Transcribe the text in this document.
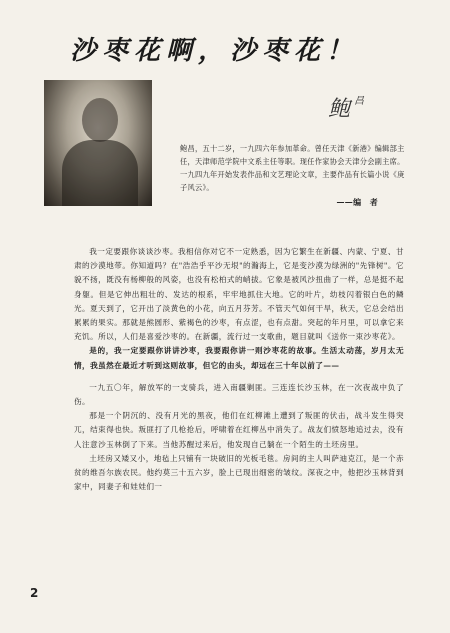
沙枣花啊，沙枣花！
鲍 $^昌$
鲍昌，五十二岁，一九四六年参加革命。曾任天津《新港》编辑部主任，天津师范学院中文系主任等职。现任作家协会天津分会副主席。一九四九年开始发表作品和文艺理论文章，主要作品有长篇小说《庚子风云》。
——编　者

我一定要跟你谈谈沙枣。我相信你对它不一定熟悉，因为它繁生在新疆、内蒙、宁夏、甘肃的沙漠地带。你知道吗？在"浩浩乎平沙无垠"的瀚海上，它是变沙漠为绿洲的"先锋树"。它貌不扬，既没有杨柳般的风姿，也没有松柏式的峭拔。它象是被风沙扭曲了一样，总是挺不起身躯。但是它伸出粗壮的、发达的根系，牢牢地抓住大地。它的叶片，幼枝闪着银白色的鳞光。夏天到了，它开出了淡黄色的小花，向五月芬芳。不管天气如何干旱，秋天，它总会结出累累的果实。那就是熊圆形、紫褐色的沙枣，有点涩，也有点甜。突起的年月里，可以拿它来充饥。所以，人们是喜爱沙枣的。在新疆，流行过一支歌曲，题目就叫《送你一束沙枣花》。

是的，我一定要跟你讲讲沙枣，我要跟你讲一则沙枣花的故事。生活太动荡，岁月太无情，我虽然在最近才听到这则故事，但它的由头，却远在三十年以前了——

一九五〇年，解放军的一支骑兵，进入南疆剿匪。三连连长沙玉林，在一次夜战中负了伤。

那是一个阴沉的、没有月光的黑夜，他们在红柳滩上遭到了叛匪的伏击，战斗发生得突兀，结束得也快。叛匪打了几枪抢后，呼啸着在红柳丛中消失了。战友们愤怒地追过去，没有人注意沙玉林倒了下来。当他苏醒过来后，他发现自己躺在一个陌生的土坯房里。

土坯房又矮又小，地毡上只铺有一块破旧的光板毛毯。房间的主人叫萨迪克江，是一个赤贫的维吾尔族农民。他约莫三十五六岁，脸上已现出细密的皱纹。深夜之中，他把沙玉林背到家中，同妻子和娃娃们一

2
